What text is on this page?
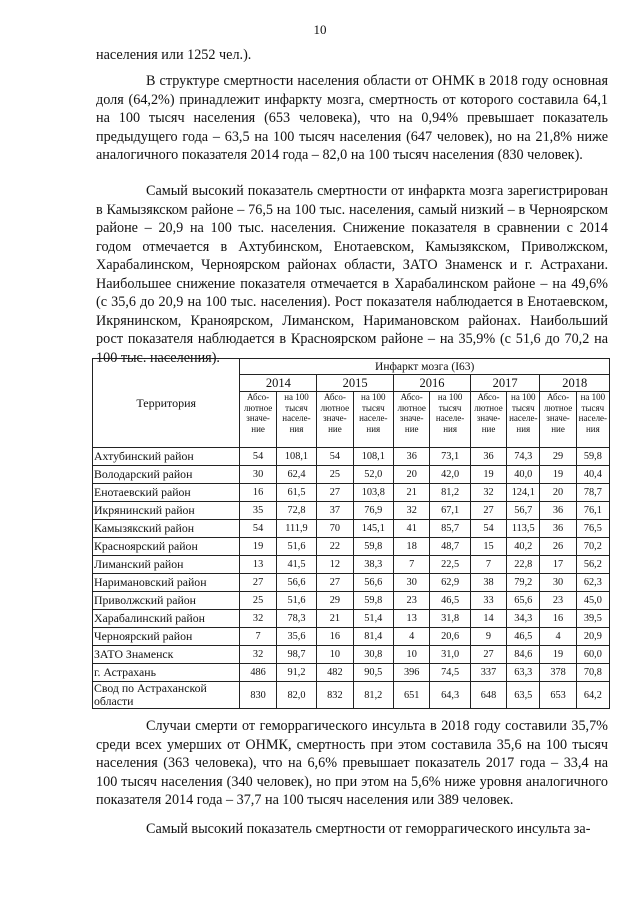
10

населения или 1252 чел.).

В структуре смертности населения области от ОНМК в 2018 году основная доля (64,2%) принадлежит инфаркту мозга, смертность от которого составила 64,1 на 100 тысяч населения (653 человека), что на 0,94% превышает показатель предыдущего года – 63,5 на 100 тысяч населения (647 человек), но на 21,8% ниже аналогичного показателя 2014 года – 82,0 на 100 тысяч населения (830 человек).

Самый высокий показатель смертности от инфаркта мозга зарегистрирован в Камызякском районе – 76,5 на 100 тыс. населения, самый низкий – в Черноярском районе – 20,9 на 100 тыс. населения. Снижение показателя в сравнении с 2014 годом отмечается в Ахтубинском, Енотаевском, Камызякском, Приволжском, Харабалинском, Черноярском районах области, ЗАТО Знаменск и г. Астрахани. Наибольшее снижение показателя отмечается в Харабалинском районе – на 49,6% (с 35,6 до 20,9 на 100 тыс. населения). Рост показателя наблюдается в Енотаевском, Икрянинском, Краноярском, Лиманском, Наримановском районах. Наибольший рост показателя наблюдается в Красноярском районе – на 35,9% (с 51,6 до 70,2 на 100 тыс. населения).

Территория	Инфаркт мозга (I63)									
	2014		2015		2016		2017		2018	
	Абсо-лютное значе-ние	на 100 тысяч населе-ния	Абсо-лютное значе-ние	на 100 тысяч населе-ния	Абсо-лютное значе-ние	на 100 тысяч населе-ния	Абсо-лютное значе-ние	на 100 тысяч населе-ния	Абсо-лютное значе-ние	на 100 тысяч населе-ния
Ахтубинский район	54	108,1	54	108,1	36	73,1	36	74,3	29	59,8
Володарский район	30	62,4	25	52,0	20	42,0	19	40,0	19	40,4
Енотаевский район	16	61,5	27	103,8	21	81,2	32	124,1	20	78,7
Икрянинский район	35	72,8	37	76,9	32	67,1	27	56,7	36	76,1
Камызякский район	54	111,9	70	145,1	41	85,7	54	113,5	36	76,5
Красноярский район	19	51,6	22	59,8	18	48,7	15	40,2	26	70,2
Лиманский район	13	41,5	12	38,3	7	22,5	7	22,8	17	56,2
Наримановский район	27	56,6	27	56,6	30	62,9	38	79,2	30	62,3
Приволжский район	25	51,6	29	59,8	23	46,5	33	65,6	23	45,0
Харабалинский район	32	78,3	21	51,4	13	31,8	14	34,3	16	39,5
Черноярский район	7	35,6	16	81,4	4	20,6	9	46,5	4	20,9
ЗАТО Знаменск	32	98,7	10	30,8	10	31,0	27	84,6	19	60,0
г. Астрахань	486	91,2	482	90,5	396	74,5	337	63,3	378	70,8
Свод по Астраханской области	830	82,0	832	81,2	651	64,3	648	63,5	653	64,2

Случаи смерти от геморрагического инсульта в 2018 году составили 35,7% среди всех умерших от ОНМК, смертность при этом составила 35,6 на 100 тысяч населения (363 человека), что на 6,6% превышает показатель 2017 года – 33,4 на 100 тысяч населения (340 человек), но при этом на 5,6% ниже уровня аналогичного показателя 2014 года – 37,7 на 100 тысяч населения или 389 человек.

Самый высокий показатель смертности от геморрагического инсульта за-
